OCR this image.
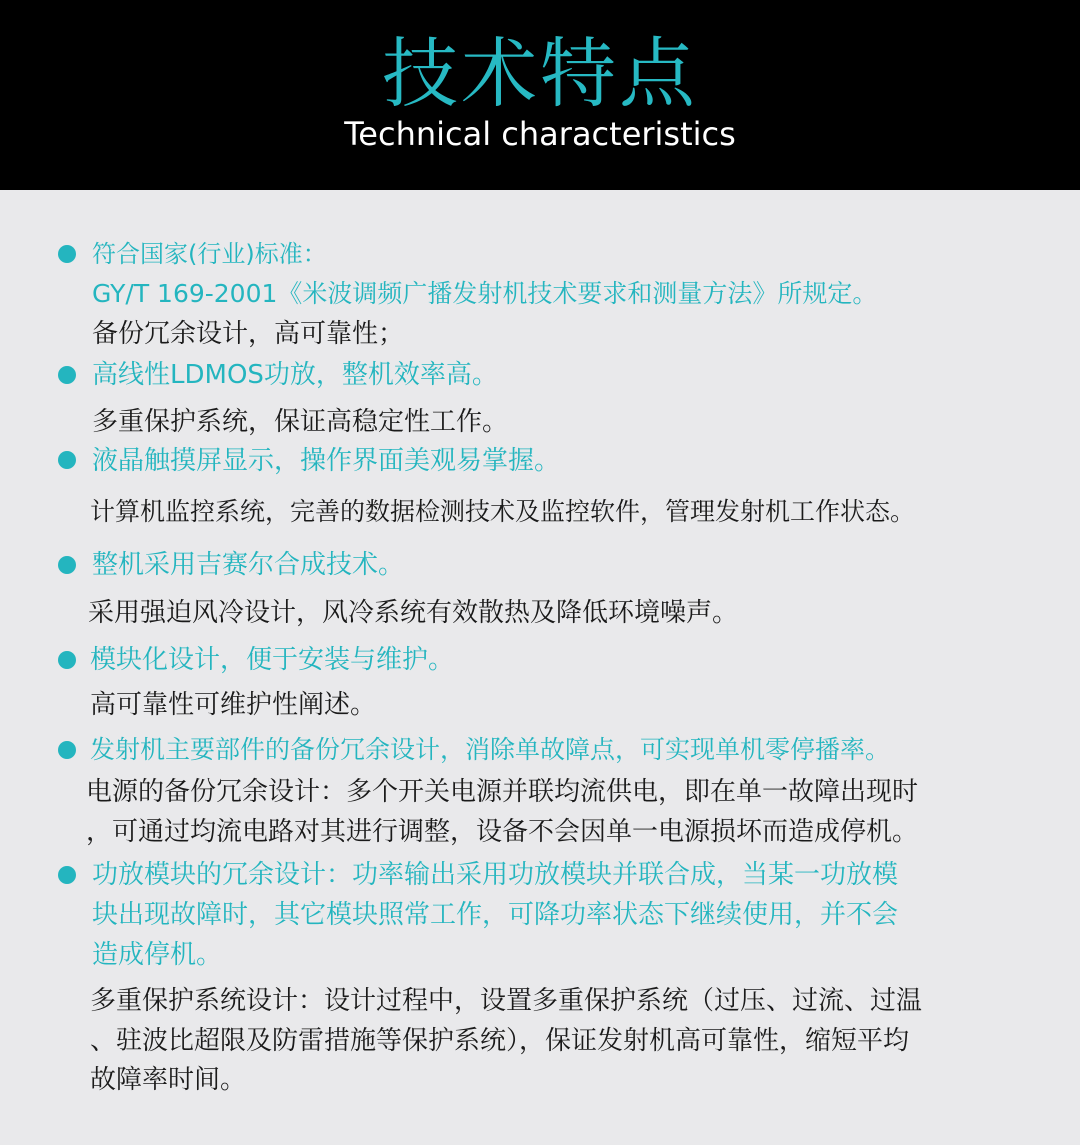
技术特点
Technical characteristics
符合国家(行业)标准：
GY/T 169-2001《米波调频广播发射机技术要求和测量方法》所规定。
备份冗余设计，高可靠性；
高线性LDMOS功放，整机效率高。
多重保护系统，保证高稳定性工作。
液晶触摸屏显示，操作界面美观易掌握。
计算机监控系统，完善的数据检测技术及监控软件，管理发射机工作状态。
整机采用吉赛尔合成技术。
采用强迫风冷设计，风冷系统有效散热及降低环境噪声。
模块化设计，便于安装与维护。
高可靠性可维护性阐述。
发射机主要部件的备份冗余设计，消除单故障点，可实现单机零停播率。
电源的备份冗余设计：多个开关电源并联均流供电，即在单一故障出现时
，可通过均流电路对其进行调整，设备不会因单一电源损坏而造成停机。
功放模块的冗余设计：功率输出采用功放模块并联合成，当某一功放模
块出现故障时，其它模块照常工作，可降功率状态下继续使用，并不会
造成停机。
多重保护系统设计：设计过程中，设置多重保护系统（过压、过流、过温
、驻波比超限及防雷措施等保护系统），保证发射机高可靠性，缩短平均
故障率时间。
